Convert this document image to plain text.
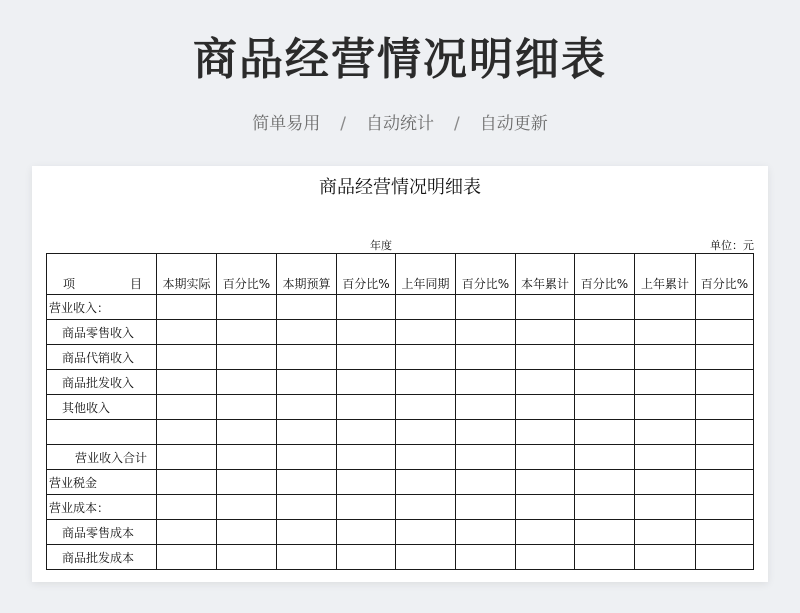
商品经营情况明细表
简单易用 / 自动统计 / 自动更新
商品经营情况明细表
年度	单位：元
项 目	本期实际	百分比%	本期预算	百分比%	上年同期	百分比%	本年累计	百分比%	上年累计	百分比%
营业收入：										
商品零售收入										
商品代销收入										
商品批发收入										
其他收入										

营业收入合计										
营业税金										
营业成本：										
商品零售成本										
商品批发成本										
